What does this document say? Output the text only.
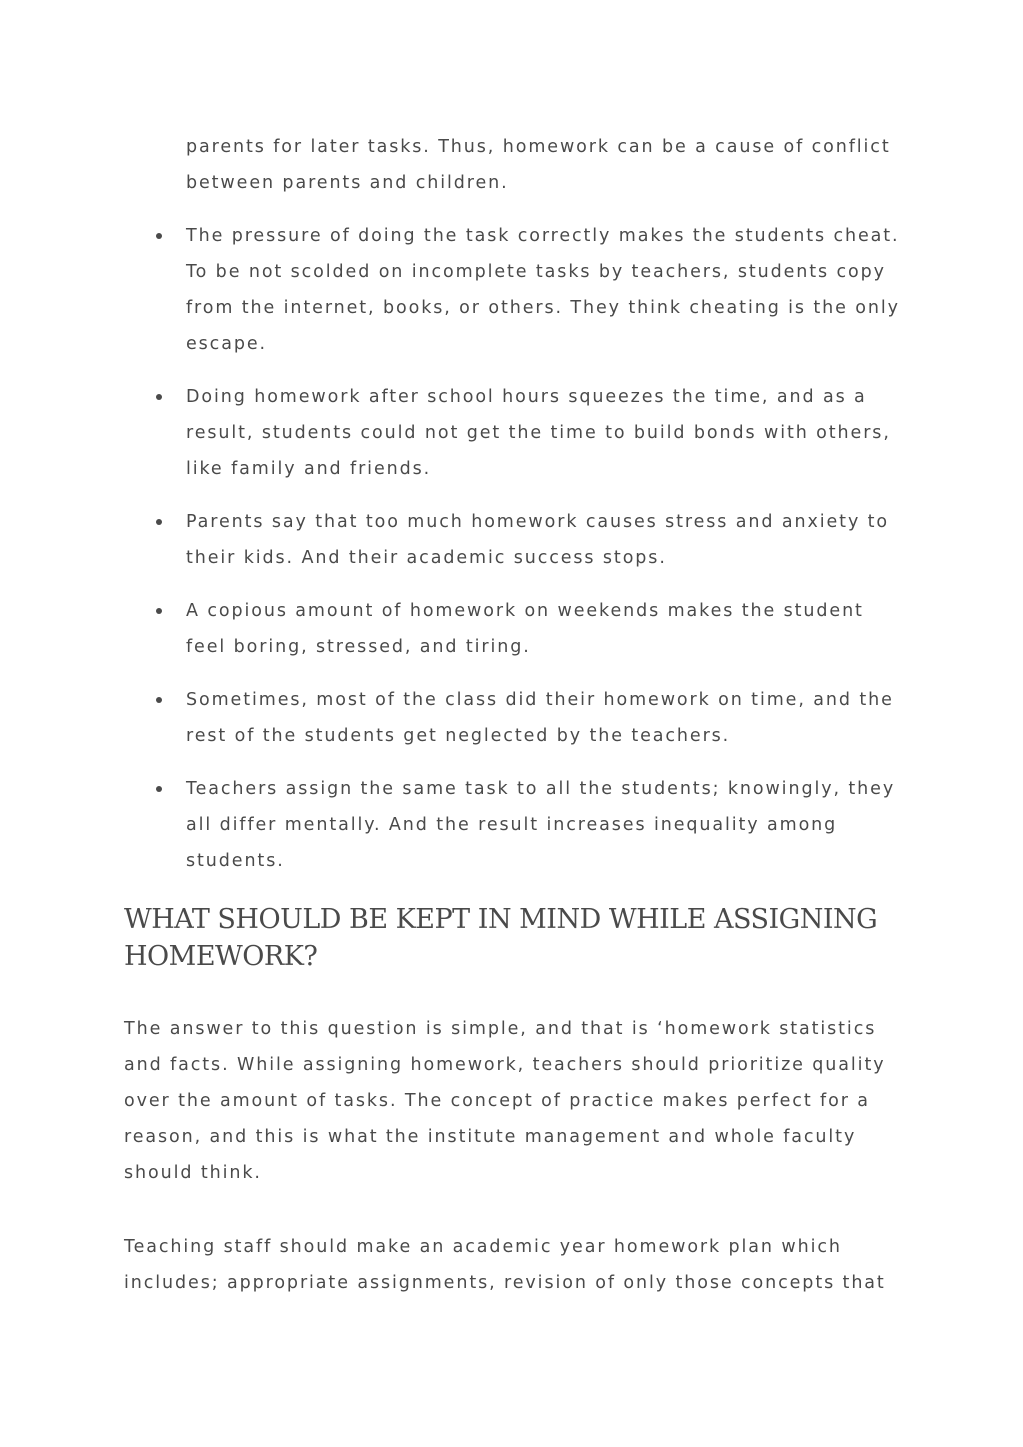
parents for later tasks. Thus, homework can be a cause of conflict between parents and children.

The pressure of doing the task correctly makes the students cheat. To be not scolded on incomplete tasks by teachers, students copy from the internet, books, or others. They think cheating is the only escape.
Doing homework after school hours squeezes the time, and as a result, students could not get the time to build bonds with others, like family and friends.
Parents say that too much homework causes stress and anxiety to their kids. And their academic success stops.
A copious amount of homework on weekends makes the student feel boring, stressed, and tiring.
Sometimes, most of the class did their homework on time, and the rest of the students get neglected by the teachers.
Teachers assign the same task to all the students; knowingly, they all differ mentally. And the result increases inequality among students.
WHAT SHOULD BE KEPT IN MIND WHILE ASSIGNING HOMEWORK?

The answer to this question is simple, and that is ‘homework statistics and facts. While assigning homework, teachers should prioritize quality over the amount of tasks. The concept of practice makes perfect for a reason, and this is what the institute management and whole faculty should think.

Teaching staff should make an academic year homework plan which includes; appropriate assignments, revision of only those concepts that
